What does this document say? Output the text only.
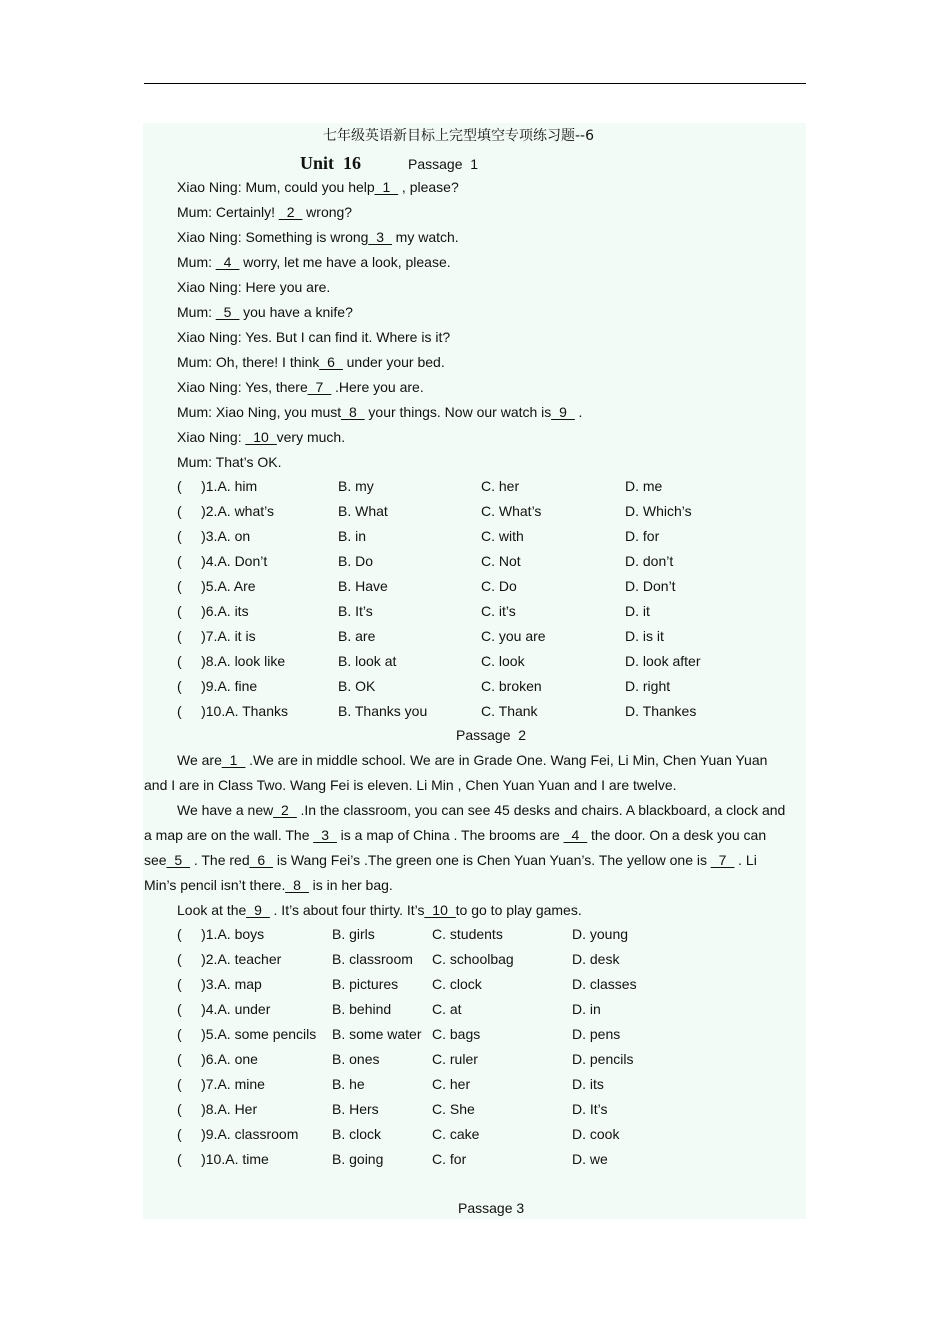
七年级英语新目标上完型填空专项练习题--6
Unit  16	Passage  1
Xiao Ning: Mum, could you help_1_ , please?
Mum: Certainly! _2_ wrong?
Xiao Ning: Something is wrong_3_ my watch.
Mum: _4_ worry, let me have a look, please.
Xiao Ning: Here you are.
Mum: _5_ you have a knife?
Xiao Ning: Yes. But I can find it. Where is it?
Mum: Oh, there! I think_6_ under your bed.
Xiao Ning: Yes, there_7_ .Here you are.
Mum: Xiao Ning, you must_8_ your things. Now our watch is_9_ .
Xiao Ning: _10_very much.
Mum: That’s OK.
(     )1.A. him	B. my	C. her	D. me
(     )2.A. what’s	B. What	C. What’s	D. Which’s
(     )3.A. on	B. in	C. with	D. for
(     )4.A. Don’t	B. Do	C. Not	D. don’t
(     )5.A. Are	B. Have	C. Do	D. Don’t
(     )6.A. its	B. It’s	C. it’s	D. it
(     )7.A. it is	B. are	C. you are	D. is it
(     )8.A. look like	B. look at	C. look	D. look after
(     )9.A. fine	B. OK	C. broken	D. right
(     )10.A. Thanks	B. Thanks you	C. Thank	D. Thankes
Passage  2
We are_1_ .We are in middle school. We are in Grade One. Wang Fei, Li Min, Chen Yuan Yuan
and I are in Class Two. Wang Fei is eleven. Li Min , Chen Yuan Yuan and I are twelve.
We have a new_2_ .In the classroom, you can see 45 desks and chairs. A blackboard, a clock and
a map are on the wall. The _3_ is a map of China . The brooms are _4_ the door. On a desk you can
see_5_ . The red_6_ is Wang Fei’s .The green one is Chen Yuan Yuan’s. The yellow one is _7_ . Li
Min’s pencil isn’t there._8_ is in her bag.
Look at the_9_ . It’s about four thirty. It’s_10_to go to play games.
(     )1.A. boys	B. girls	C. students	D. young
(     )2.A. teacher	B. classroom C. schoolbag	D. desk
(     )3.A. map	B. pictures C. clock	D. classes
(     )4.A. under	B. behind	C. at	D. in
(     )5.A. some pencils B. some water C. bags	D. pens
(     )6.A. one	B. ones	C. ruler	D. pencils
(     )7.A. mine	B. he	C. her	D. its
(     )8.A. Her	B. Hers	C. She	D. It’s
(     )9.A. classroom B. clock	C. cake	D. cook
(     )10.A. time	B. going	C. for	D. we
Passage 3
